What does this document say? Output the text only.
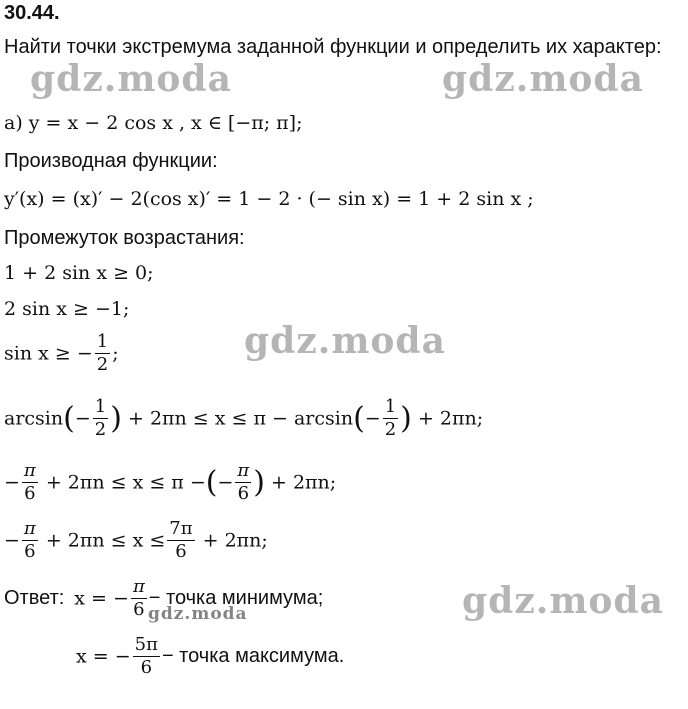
gdz.moda	gdz.moda
gdz.moda
gdz.moda
gdz.moda
30.44.
Найти точки экстремума заданной функции и определить их характер:
а) y = x − 2 cos x , x ∈ [−π; π];
Производная функции:
y′(x) = (x)′ − 2(cos x)′ = 1 − 2 · (− sin x) = 1 + 2 sin x ;
Промежуток возрастания:
1 + 2 sin x ≥ 0;
2 sin x ≥ −1;
sin x ≥ − $\frac{1}{2}$ ;
$\arcsin(- \frac{1}{2}$ ) + $2\pi n \le x \le \pi - \arcsin(- \frac{1}{2}$ ) + 2πn;
− $\frac{\pi}{6} + 2\pi n \le x \le \pi$ −(− $\frac{\pi}{6}$ ) + 2πn;
− $\frac{\pi}{6} + 2\pi n \le x \le \frac{7\pi}{6} + 2\pi n$;
Ответ: x = − $\frac{\pi}{6}$ − точка минимума;
x = − $\frac{5\pi}{6}$ − точка максимума.
